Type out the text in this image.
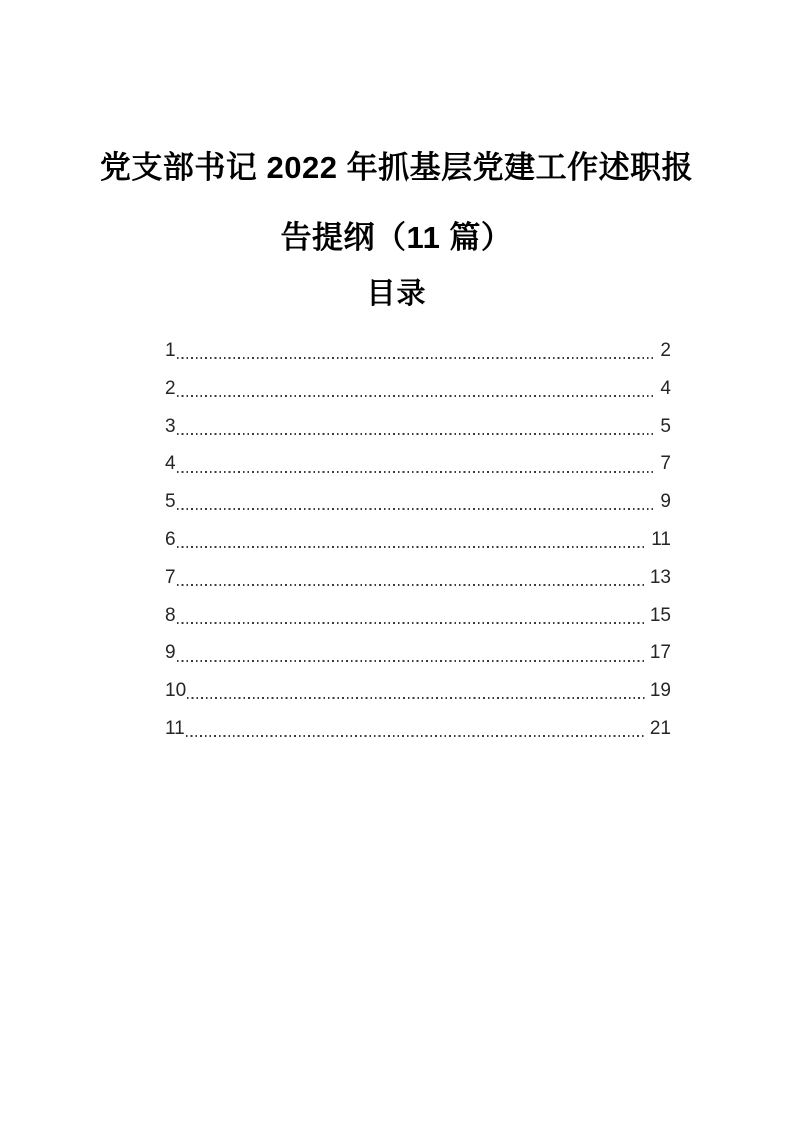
党支部书记 2022 年抓基层党建工作述职报
告提纲（11 篇）
目录
1	2
2	4
3	5
4	7
5	9
6	11
7	13
8	15
9	17
10	19
11	21
